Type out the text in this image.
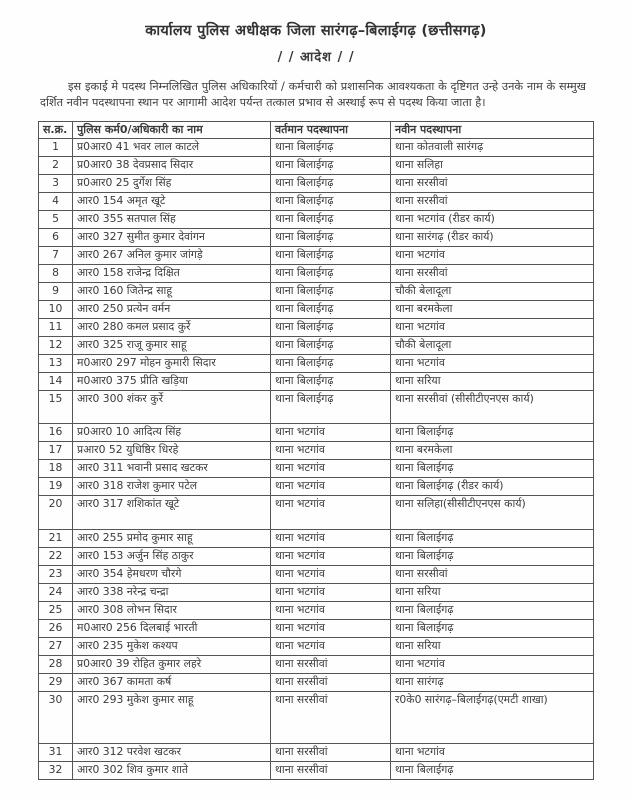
कार्यालय पुलिस अधीक्षक जिला सारंगढ़–बिलाईगढ़ (छत्तीसगढ़)
/ / आदेश / /

इस इकाई मे पदस्थ निम्नलिखित पुलिस अधिकारियों / कर्मचारी को प्रशासनिक आवश्यकता के दृष्टिगत उन्हे उनके नाम के सम्मुख दर्शित नवीन पदस्थापना स्थान पर आगामी आदेश पर्यन्त तत्काल प्रभाव से अस्थाई रूप से पदस्थ किया जाता है।

स.क्र.	पुलिस कर्म0/अधिकारी का नाम	वर्तमान पदस्थापना	नवीन पदस्थापना
1	प्र0आर0 41 भवर लाल काटले	थाना बिलाईगढ़	थाना कोतवाली सारंगढ़
2	प्र0आर0 38 देवप्रसाद सिदार	थाना बिलाईगढ़	थाना सलिहा
3	प्र0आर0 25 दुर्गेश सिंह	थाना बिलाईगढ़	थाना सरसीवां
4	आर0 154 अमृत खूटे	थाना बिलाईगढ़	थाना सरसीवां
5	आर0 355 सतपाल सिंह	थाना बिलाईगढ़	थाना भटगांव (रीडर कार्य)
6	आर0 327 सुमीत कुमार देवांगन	थाना बिलाईगढ़	थाना सारंगढ़ (रीडर कार्य)
7	आर0 267 अनिल कुमार जांगड़े	थाना बिलाईगढ़	थाना भटगांव
8	आर0 158 राजेन्द्र दिक्षित	थाना बिलाईगढ़	थाना सरसीवां
9	आर0 160 जितेन्द्र साहू	थाना बिलाईगढ़	चौकी बेलादूला
10	आर0 250 प्रत्येन वर्मन	थाना बिलाईगढ़	थाना बरमकेला
11	आर0 280 कमल प्रसाद कुर्रे	थाना बिलाईगढ़	थाना भटगांव
12	आर0 325 राजू कुमार साहू	थाना बिलाईगढ़	चौकी बेलादूला
13	म0आर0 297 मोहन कुमारी सिदार	थाना बिलाईगढ़	थाना भटगांव
14	म0आर0 375 प्रीति खड़िया	थाना बिलाईगढ़	थाना सरिया
15	आर0 300 शंकर कुर्रे	थाना बिलाईगढ़	थाना सरसीवां (सीसीटीएनएस कार्य)
16	प्र0आर0 10 आदित्य सिंह	थाना भटगांव	थाना बिलाईगढ़
17	प्रआर0 52 युधिष्ठिर धिरहे	थाना भटगांव	थाना बरमकेला
18	आर0 311 भवानी प्रसाद खटकर	थाना भटगांव	थाना बिलाईगढ़
19	आर0 318 राजेश कुमार पटेल	थाना भटगांव	थाना बिलाईगढ़ (रीडर कार्य)
20	आर0 317 शशिकांत खूटे	थाना भटगांव	थाना सलिहा(सीसीटीएनएस कार्य)
21	आर0 255 प्रमोद कुमार साहू	थाना भटगांव	थाना बिलाईगढ़
22	आर0 153 अर्जुन सिंह ठाकुर	थाना भटगांव	थाना बिलाईगढ़
23	आर0 354 हेमधरण चौरगे	थाना भटगांव	थाना सरसीवां
24	आर0 338 नरेन्द्र चन्द्रा	थाना भटगांव	थाना सरिया
25	आर0 308 लोभन सिदार	थाना भटगांव	थाना बिलाईगढ़
26	म0आर0 256 दिलबाई भारती	थाना भटगांव	थाना बिलाईगढ़
27	आर0 235 मुकेश कश्यप	थाना भटगांव	थाना सरिया
28	प्र0आर0 39 रोहित कुमार लहरे	थाना सरसीवां	थाना भटगांव
29	आर0 367 कामता कर्ष	थाना सरसीवां	थाना सारंगढ़
30	आर0 293 मुकेश कुमार साहू	थाना सरसीवां	र0के0 सारंगढ़–बिलाईगढ़(एमटी शाखा)
31	आर0 312 परवेश खटकर	थाना सरसीवां	थाना भटगांव
32	आर0 302 शिव कुमार शाते	थाना सरसीवां	थाना बिलाईगढ़
